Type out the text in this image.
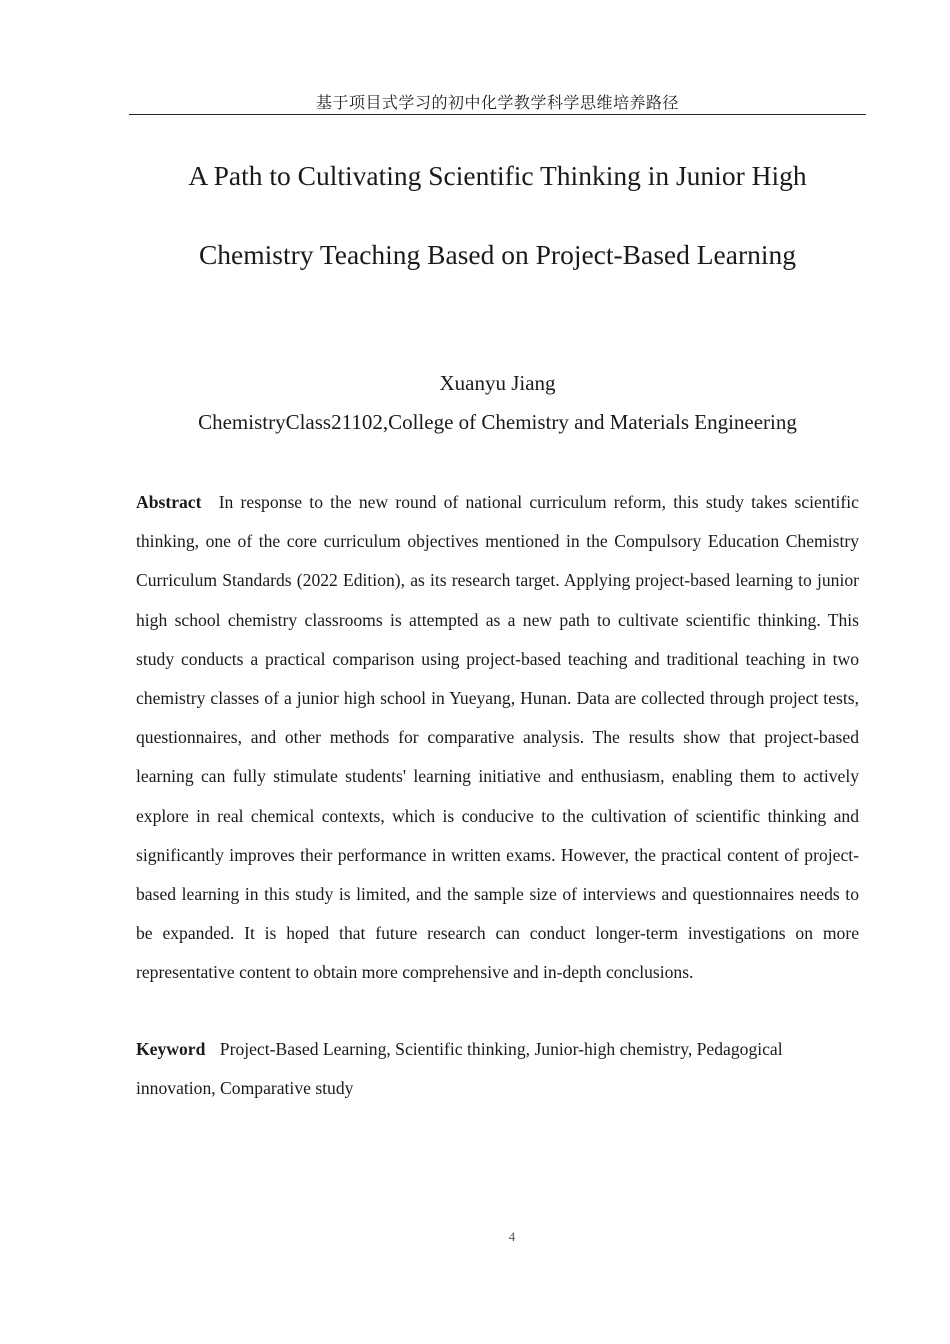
基于项目式学习的初中化学教学科学思维培养路径
A Path to Cultivating Scientific Thinking in Junior High
Chemistry Teaching Based on Project-Based Learning
Xuanyu Jiang
ChemistryClass21102,College of Chemistry and Materials Engineering

Abstract In response to the new round of national curriculum reform, this study takes scientific thinking, one of the core curriculum objectives mentioned in the Compulsory Education Chemistry Curriculum Standards (2022 Edition), as its research target. Applying project-based learning to junior high school chemistry classrooms is attempted as a new path to cultivate scientific thinking. This study conducts a practical comparison using project-based teaching and traditional teaching in two chemistry classes of a junior high school in Yueyang, Hunan. Data are collected through project tests, questionnaires, and other methods for comparative analysis. The results show that project-based learning can fully stimulate students' learning initiative and enthusiasm, enabling them to actively explore in real chemical contexts, which is conducive to the cultivation of scientific thinking and significantly improves their performance in written exams. However, the practical content of project-based learning in this study is limited, and the sample size of interviews and questionnaires needs to be expanded. It is hoped that future research can conduct longer-term investigations on more representative content to obtain more comprehensive and in-depth conclusions.

Keyword Project-Based Learning, Scientific thinking, Junior-high chemistry, Pedagogical innovation, Comparative study

4
